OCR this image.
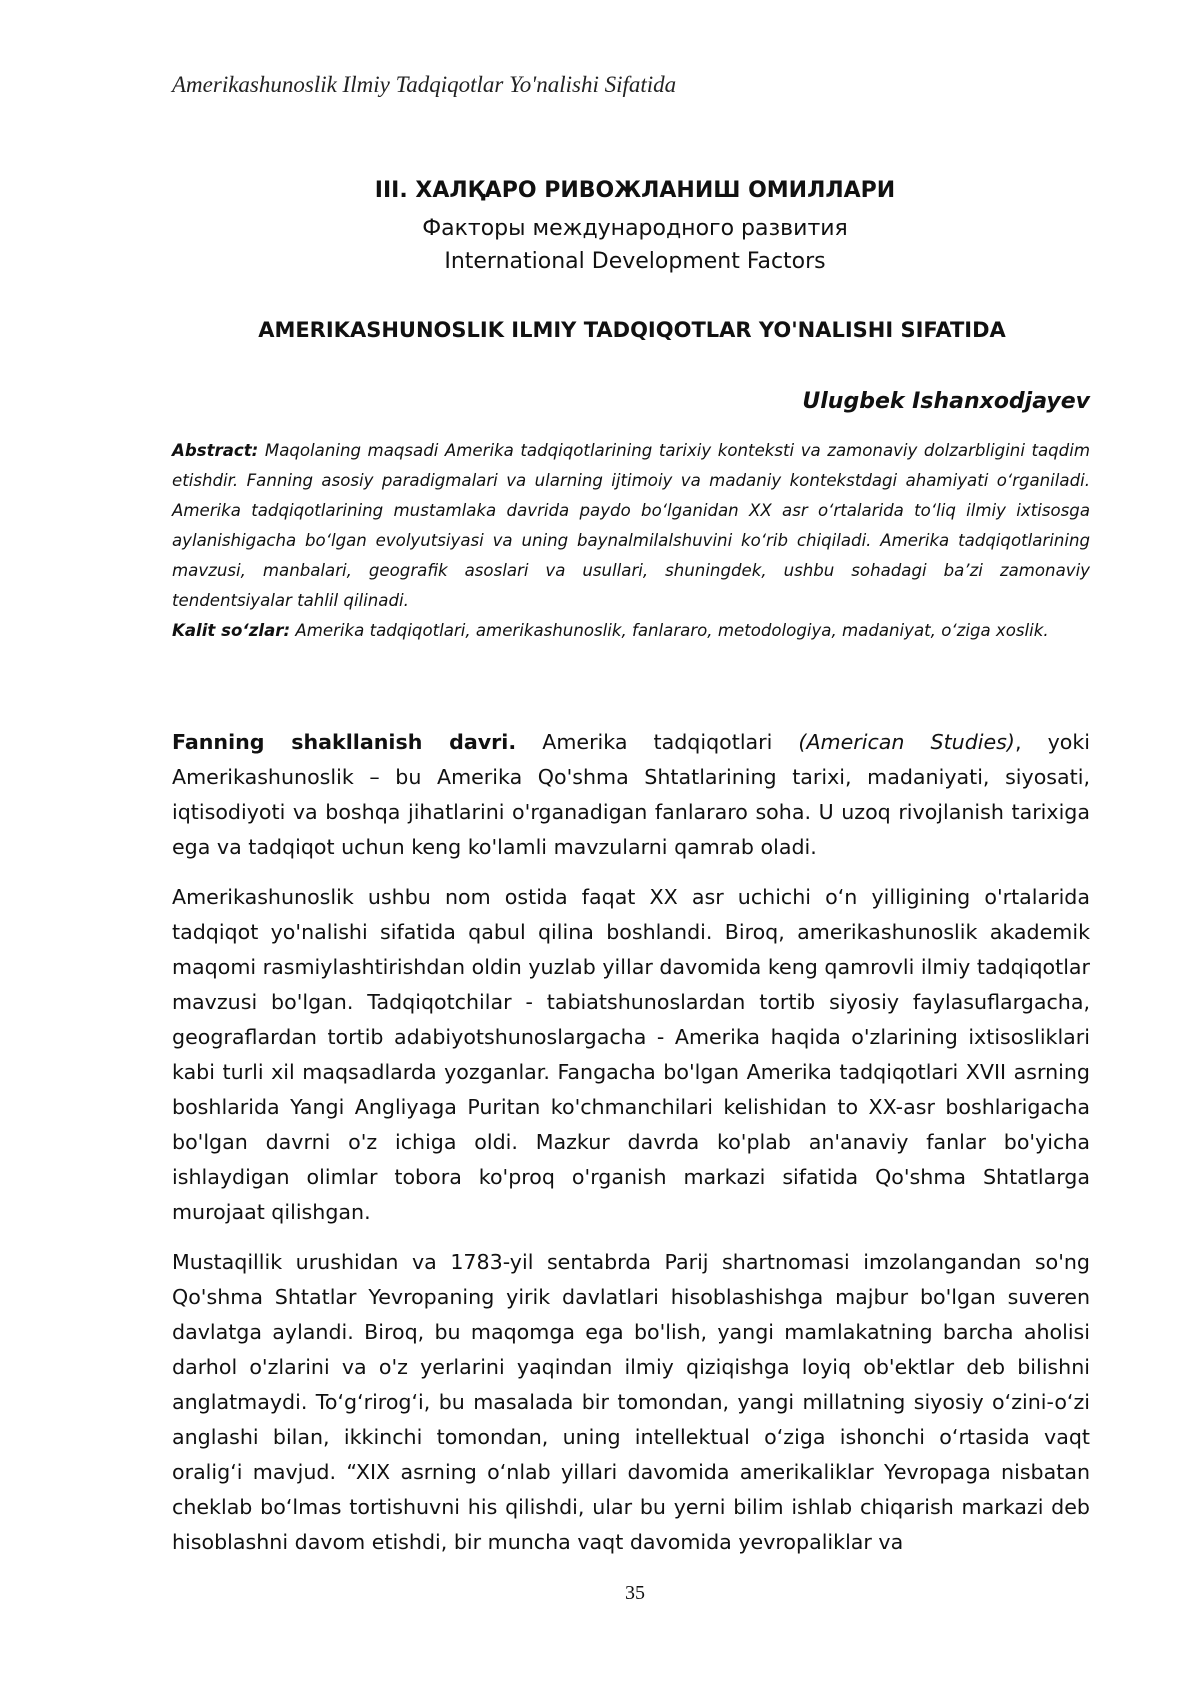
Amerikashunoslik Ilmiy Tadqiqotlar Yo'nalishi Sifatida
III. ХАЛҚАРО РИВОЖЛАНИШ ОМИЛЛАРИ
Факторы международного развития
International Development Factors
AMERIKASHUNOSLIK ILMIY TADQIQOTLAR YO'NALISHI SIFATIDA
Ulugbek Ishanxodjayev

Abstract: Maqolaning maqsadi Amerika tadqiqotlarining tarixiy konteksti va zamonaviy dolzarbligini taqdim etishdir. Fanning asosiy paradigmalari va ularning ijtimoiy va madaniy kontekstdagi ahamiyati o‘rganiladi. Amerika tadqiqotlarining mustamlaka davrida paydo bo‘lganidan XX asr o‘rtalarida to‘liq ilmiy ixtisosga aylanishigacha bo‘lgan evolyutsiyasi va uning baynalmilalshuvini ko‘rib chiqiladi. Amerika tadqiqotlarining mavzusi, manbalari, geografik asoslari va usullari, shuningdek, ushbu sohadagi ba’zi zamonaviy tendentsiyalar tahlil qilinadi.

Kalit so‘zlar: Amerika tadqiqotlari, amerikashunoslik, fanlararo, metodologiya, madaniyat, o‘ziga xoslik.

Fanning shakllanish davri. Amerika tadqiqotlari (American Studies), yoki Amerikashunoslik – bu Amerika Qo'shma Shtatlarining tarixi, madaniyati, siyosati, iqtisodiyoti va boshqa jihatlarini o'rganadigan fanlararo soha. U uzoq rivojlanish tarixiga ega va tadqiqot uchun keng ko'lamli mavzularni qamrab oladi.

Amerikashunoslik ushbu nom ostida faqat XX asr uchichi o‘n yilligining o'rtalarida tadqiqot yo'nalishi sifatida qabul qilina boshlandi. Biroq, amerikashunoslik akademik maqomi rasmiylashtirishdan oldin yuzlab yillar davomida keng qamrovli ilmiy tadqiqotlar mavzusi bo'lgan. Tadqiqotchilar - tabiatshunoslardan tortib siyosiy faylasuflargacha, geograflardan tortib adabiyotshunoslargacha - Amerika haqida o'zlarining ixtisosliklari kabi turli xil maqsadlarda yozganlar. Fangacha bo'lgan Amerika tadqiqotlari XVII asrning boshlarida Yangi Angliyaga Puritan ko'chmanchilari kelishidan to XX-asr boshlarigacha bo'lgan davrni o'z ichiga oldi. Mazkur davrda ko'plab an'anaviy fanlar bo'yicha ishlaydigan olimlar tobora ko'proq o'rganish markazi sifatida Qo'shma Shtatlarga murojaat qilishgan.

Mustaqillik urushidan va 1783-yil sentabrda Parij shartnomasi imzolangandan so'ng Qo'shma Shtatlar Yevropaning yirik davlatlari hisoblashishga majbur bo'lgan suveren davlatga aylandi. Biroq, bu maqomga ega bo'lish, yangi mamlakatning barcha aholisi darhol o'zlarini va o'z yerlarini yaqindan ilmiy qiziqishga loyiq ob'ektlar deb bilishni anglatmaydi. To‘g‘rirog‘i, bu masalada bir tomondan, yangi millatning siyosiy o‘zini-o‘zi anglashi bilan, ikkinchi tomondan, uning intellektual o‘ziga ishonchi o‘rtasida vaqt oralig‘i mavjud. “XIX asrning o‘nlab yillari davomida amerikaliklar Yevropaga nisbatan cheklab bo‘lmas tortishuvni his qilishdi, ular bu yerni bilim ishlab chiqarish markazi deb hisoblashni davom etishdi, bir muncha vaqt davomida yevropaliklar va

35
